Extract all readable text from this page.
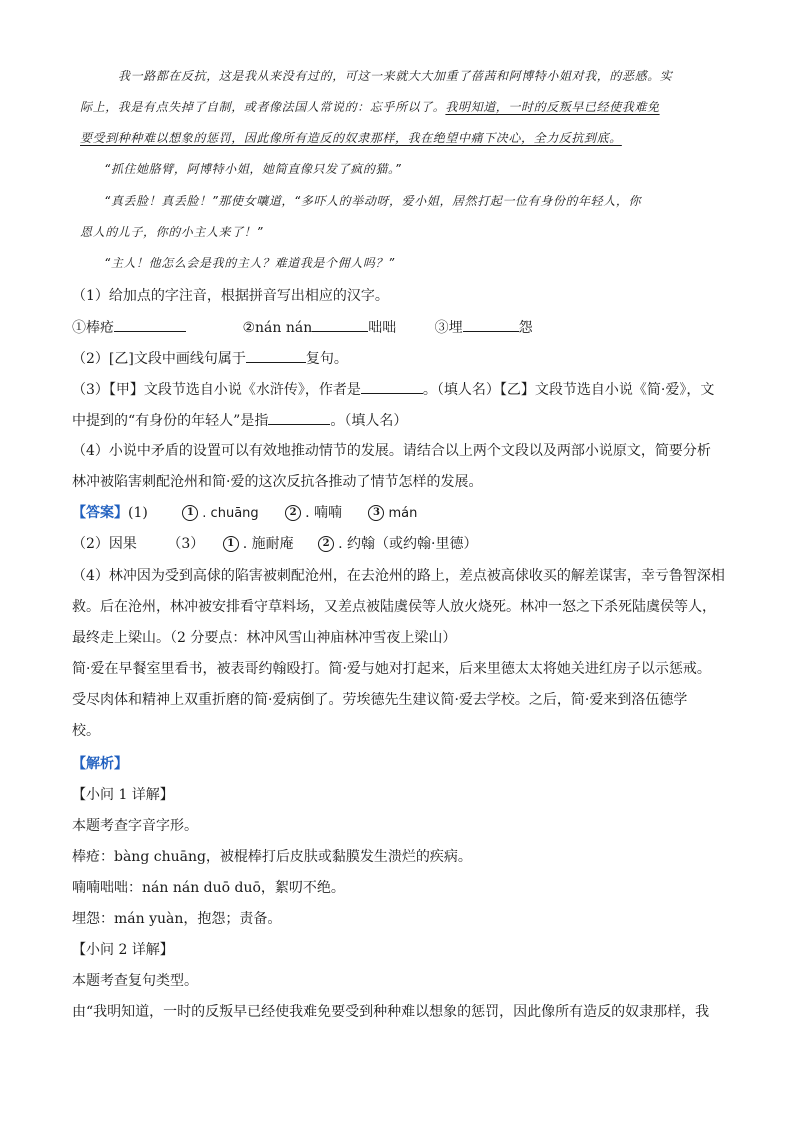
我一路都在反抗，这是我从来没有过的，可这一来就大大加重了蓓茜和阿博特小姐对我，的恶感。实
际上，我是有点失掉了自制，或者像法国人常说的：忘乎所以了。我明知道，一时的反叛早已经使我难免
要受到种种难以想象的惩罚，因此像所有造反的奴隶那样，我在绝望中痛下决心，全力反抗到底。
“抓住她胳臂，阿博特小姐，她简直像只发了疯的猫。”
“真丢脸！真丢脸！”那使女嚷道，“多吓人的举动呀，爱小姐，居然打起一位有身份的年轻人，你
恩人的儿子，你的小主人来了！”
“主人！他怎么会是我的主人？难道我是个佣人吗？”
（1）给加点的字注音，根据拼音写出相应的汉字。
①棒疮	②nán nán	咄咄	③埋	怨
（2）[乙]文段中画线句属于	复句。
（3）【甲】文段节选自小说《水浒传》，作者是	。（填人名）【乙】文段节选自小说《简·爱》，文
中提到的“有身份的年轻人”是指	。（填人名）
（4）小说中矛盾的设置可以有效地推动情节的发展。请结合以上两个文段以及两部小说原文，简要分析
林冲被陷害刺配沧州和简·爱的这次反抗各推动了情节怎样的发展。
【答案】(1)	1 . chuāng	2 . 喃喃	3 mán
（2）因果 （3） 1 . 施耐庵	2 . 约翰（或约翰·里德）
（4）林冲因为受到高俅的陷害被刺配沧州，在去沧州的路上，差点被高俅收买的解差谋害，幸亏鲁智深相
救。后在沧州，林冲被安排看守草料场，又差点被陆虞侯等人放火烧死。林冲一怒之下杀死陆虞侯等人，
最终走上梁山。（2 分要点：林冲风雪山神庙林冲雪夜上梁山）
简·爱在早餐室里看书，被表哥约翰殴打。简·爱与她对打起来，后来里德太太将她关进红房子以示惩戒。
受尽肉体和精神上双重折磨的简·爱病倒了。劳埃德先生建议简·爱去学校。之后，简·爱来到洛伍德学
校。
【解析】
【小问 1 详解】
本题考查字音字形。
棒疮：bàng chuāng，被棍棒打后皮肤或黏膜发生溃烂的疾病。
喃喃咄咄：nán nán duō duō，絮叨不绝。
埋怨：mán yuàn，抱怨；责备。
【小问 2 详解】
本题考查复句类型。
由“我明知道，一时的反叛早已经使我难免要受到种种难以想象的惩罚，因此像所有造反的奴隶那样，我
